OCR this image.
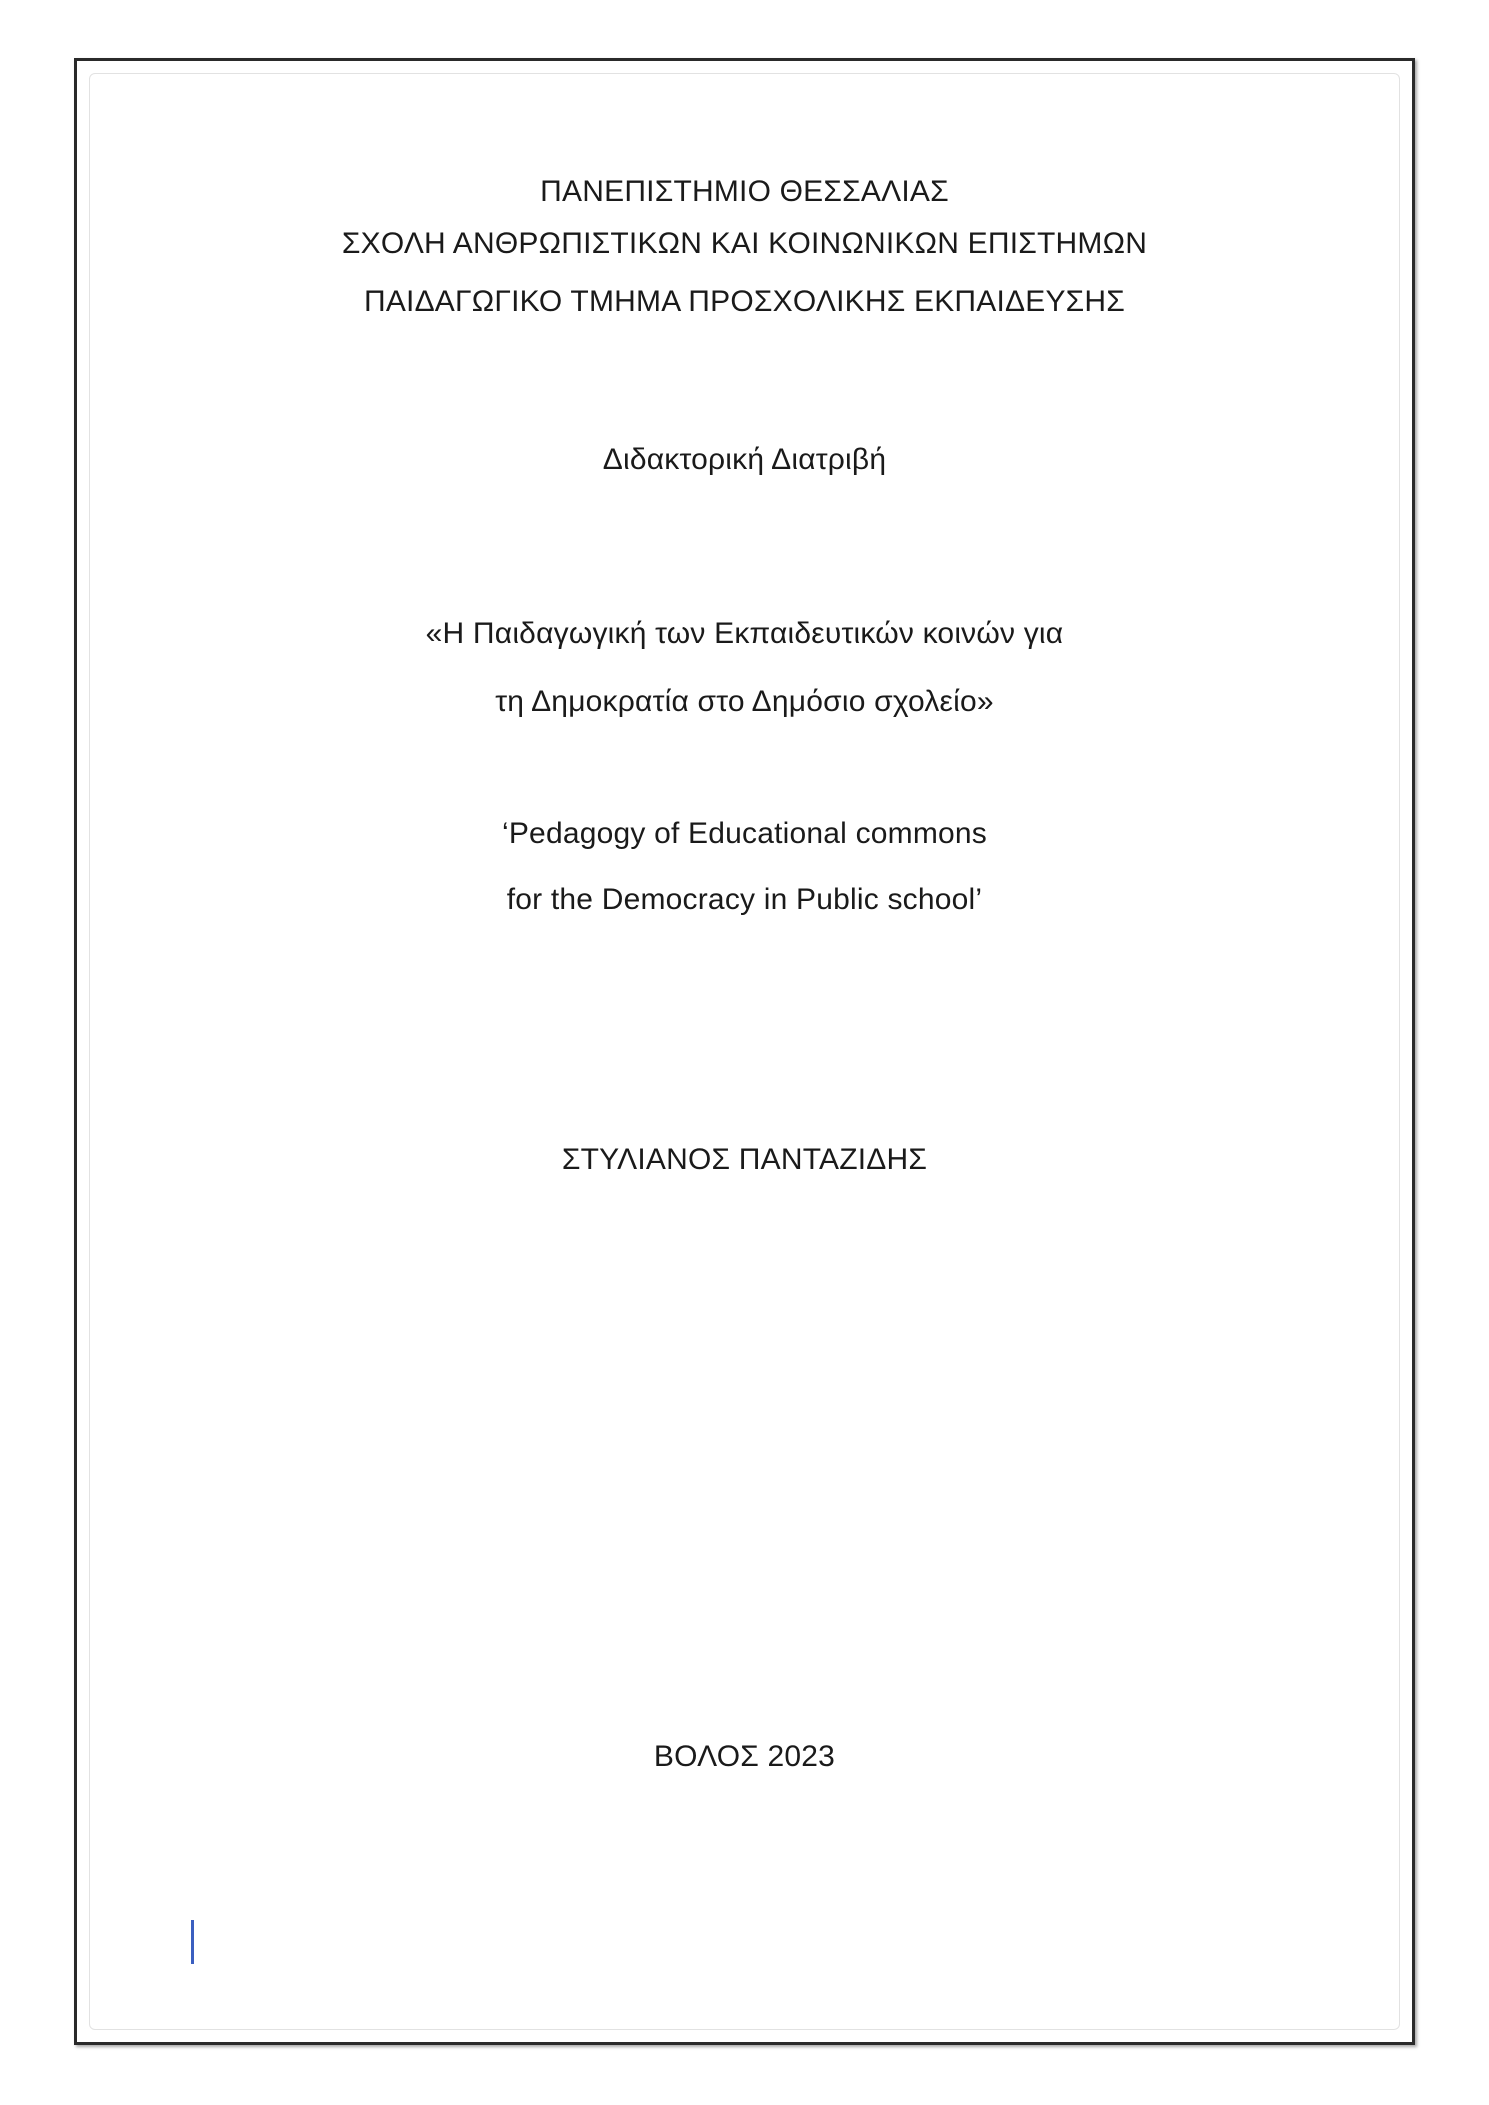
ΠΑΝΕΠΙΣΤΗΜΙΟ ΘΕΣΣΑΛΙΑΣ
ΣΧΟΛΗ ΑΝΘΡΩΠΙΣΤΙΚΩΝ ΚΑΙ ΚΟΙΝΩΝΙΚΩΝ ΕΠΙΣΤΗΜΩΝ
ΠΑΙΔΑΓΩΓΙΚΟ ΤΜΗΜΑ ΠΡΟΣΧΟΛΙΚΗΣ ΕΚΠΑΙΔΕΥΣΗΣ
Διδακτορική Διατριβή
«Η Παιδαγωγική των Εκπαιδευτικών κοινών για
τη Δημοκρατία στο Δημόσιο σχολείο»
‘Pedagogy of Educational commons
for the Democracy in Public school’
ΣΤΥΛΙΑΝΟΣ ΠΑΝΤΑΖΙΔΗΣ
ΒΟΛΟΣ 2023
